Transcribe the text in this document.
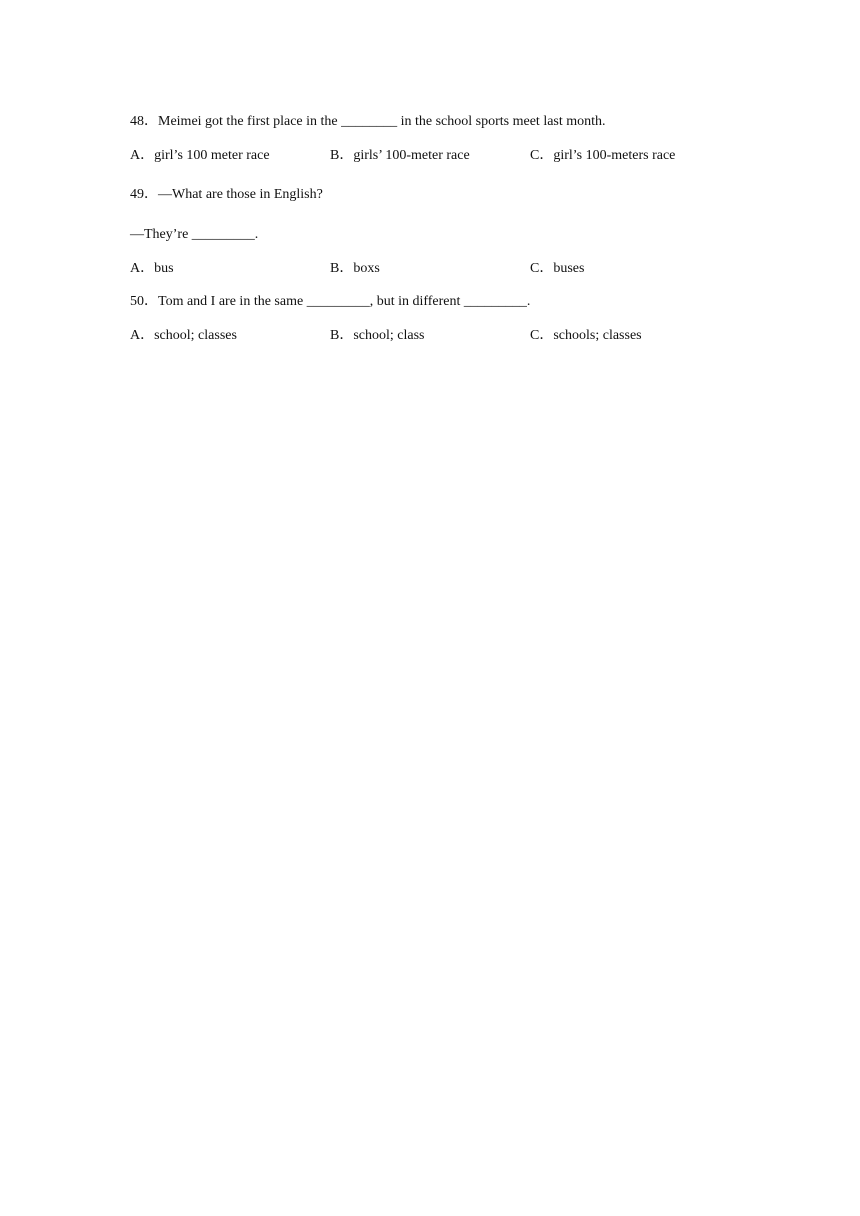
48．Meimei got the first place in the ________ in the school sports meet last month.
A．girl’s 100 meter race	B．girls’ 100-meter race	C．girl’s 100-meters race
49．—What are those in English?
—They’re _________.
A．bus	B．boxs	C．buses
50．Tom and I are in the same _________, but in different _________.
A．school; classes	B．school; class	C．schools; classes
